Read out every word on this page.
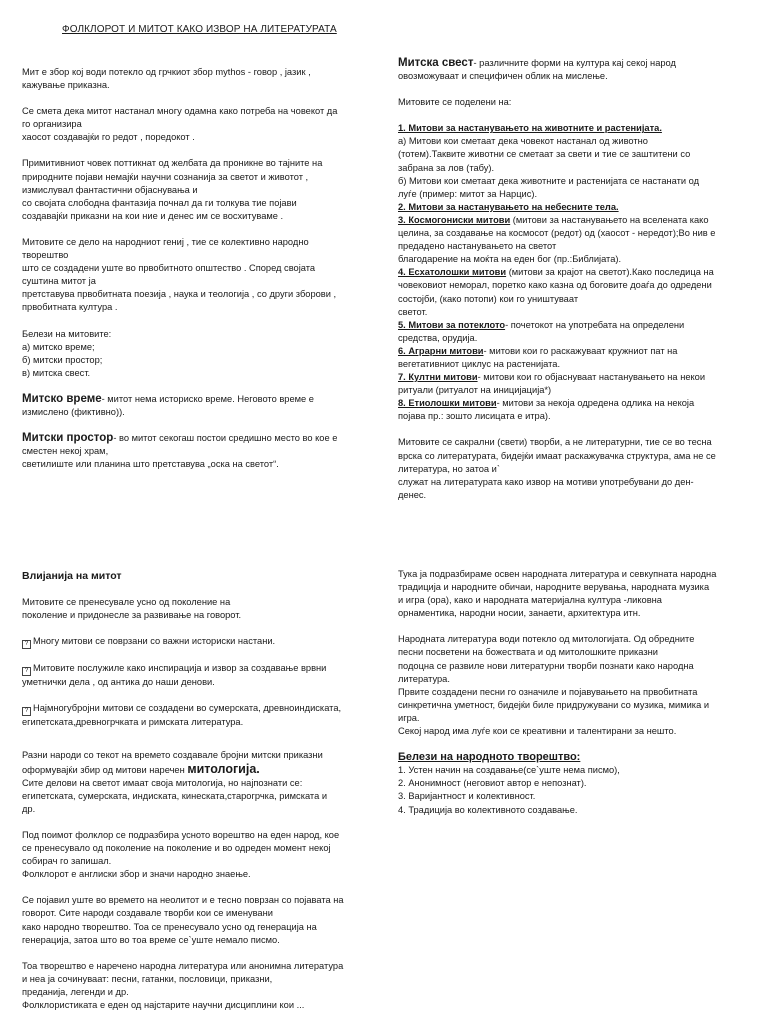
ФОЛКЛОРОТ И МИТОТ КАКО ИЗВОР НА ЛИТЕРАТУРАТА

Мит е збор кој води потекло од грчкиот збор mythos - говор , јазик ,

кажување приказна.

Се смета дека митот настанал многу одамна како потреба на човекот да

го организира

хаосот создавајќи го редот , поредокот .

Примитивниот човек поттикнат од желбата да проникне во тајните на

природните појави немајќи научни сознанија за светот и животот ,

измислувал фантастични објаснувања и

со својата слободна фантазија почнал да ги толкува тие појави

создавајќи приказни на кои ние и денес им се восхитуваме .

Митовите се дело на народниот гениј , тие се колективно народно

творештво

што се создадени уште во првобитното општество . Според својата

суштина митот ја

претставува првобитната поезија , наука и теологија , со други зборови ,

првобитната култура .

Белези на митовите:

а) митско време;

б) митски простор;

в) митска свест.

Митско време- митот нема историско време. Неговото време е

измислено (фиктивно)).

Митски простор- во митот секогаш постои средишно место во кое е

сместен некој храм,

светилиште или планина што претставува „оска на светот“.

Митска свест- различните форми на култура кај секој народ

овозможуваат и специфичен облик на мислење.

Митовите се поделени на:

1. Митови за настанувањето на животните и растенијата.

а) Митови кои сметаат дека човекот настанал од животно

(тотем).Таквите животни се сметаат за свети и тие се заштитени со

забрана за лов (табу).

б) Митови кои сметаат дека животните и растенијата се настанати од

луѓе (пример: митот за Нарцис).

2. Митови за настанувањето на небесните тела.

3. Космогониски митови (митови за настанувањето на вселената како

целина, за создавање на космосот (редот) од (хаосот - нередот);Во нив е

предадено настанувањето на светот

благодарение на моќта на еден бог (пр.:Библијата).

4. Есхатолошки митови (митови за крајот на светот).Како последица на

човековиот неморал, поретко како казна од боговите доаѓа до одредени

состојби, (како потопи) кои го уништуваат

светот.

5. Митови за потеклото- почетокот на употребата на определени

средства, орудија.

6. Аграрни митови- митови кои го раскажуваат кружниот пат на

вегетативниот циклус на растенијата.

7. Култни митови- митови кои го објаснуваат настанувањето на некои

ритуали (ритуалот на иницијација*)

8. Етиолошки митови- митови за некоја одредена одлика на некоја

појава пр.: зошто лисицата е итра).

Митовите се сакрални (свети) творби, а не литературни, тие се во тесна

врска со литературата, бидејќи имаат раскажувачка структура, ама не се

литература, но затоа и`

служат на литературата како извор на мотиви употребувани до ден-

денес.

Влијанија на митот

Митовите се пренесувале усно од поколение на

поколение и придонесле за развивање на говорот.

? Многу митови се поврзани со важни историски настани.

? Митовите послужиле како инспирација и извор за создавање врвни

уметнички дела , од антика до наши денови.

? Најмногубројни митови се создадени во сумерската, древноиндиската,

египетската,древногрчката и римската литература.

Разни народи со текот на времето создавале бројни митски приказни

оформувајќи збир од митови наречен митологија.

Сите делови на светот имаат своја митологија, но најпознати се:

египетската, сумерската, индиската, кинеската,старогрчка, римската и

др.

Под поимот фолклор се подразбира усното ворештво на еден народ, кое

се пренесувало од поколение на поколение и во одреден момент некој

собирач го запишал.

Фолклорот е англиски збор и значи народно знаење.

Се појавил уште во времето на неолитот и е тесно поврзан со појавата на

говорот. Сите народи создавале творби кои се именувани

како народно творештво. Тоа се пренесувало усно од генерација на

генерација, затоа што во тоа време се`уште немало писмо.

Тоа творештво е наречено народна литература или анонимна литература

и нea ја сочинуваат: песни, гатанки, пословици, приказни,

преданија, легенди и др.

Фолклористиката е еден од најстарите научни дисциплини кои ...

Тука ја подразбираме освен народната литература и севкупната народна

традиција и народните обичаи, народните верувања, народната музика

и игра (ора), како и народната материјална култура -ликовна

орнаментика, народни носии, занаети, архитектура итн.

Народната литература води потекло од митологијата. Од обредните

песни посветени на божествата и од митолошките приказни

подоцна се развиле нови литературни творби познати како народна

литература.

Првите создадени песни го означиле и појавувањето на првобитната

синкретична уметност, бидејќи биле придружувани со музика, мимика и

игра.

Секој народ има луѓе кои се креативни и талентирани за нешто.

Белези на народното творештво:

1. Устен начин на создавање(се`уште нема писмо),

2. Анонимност (неговиот автор е непознат).

3. Варијантност и колективност.

4. Традиција во колективното создавање.
